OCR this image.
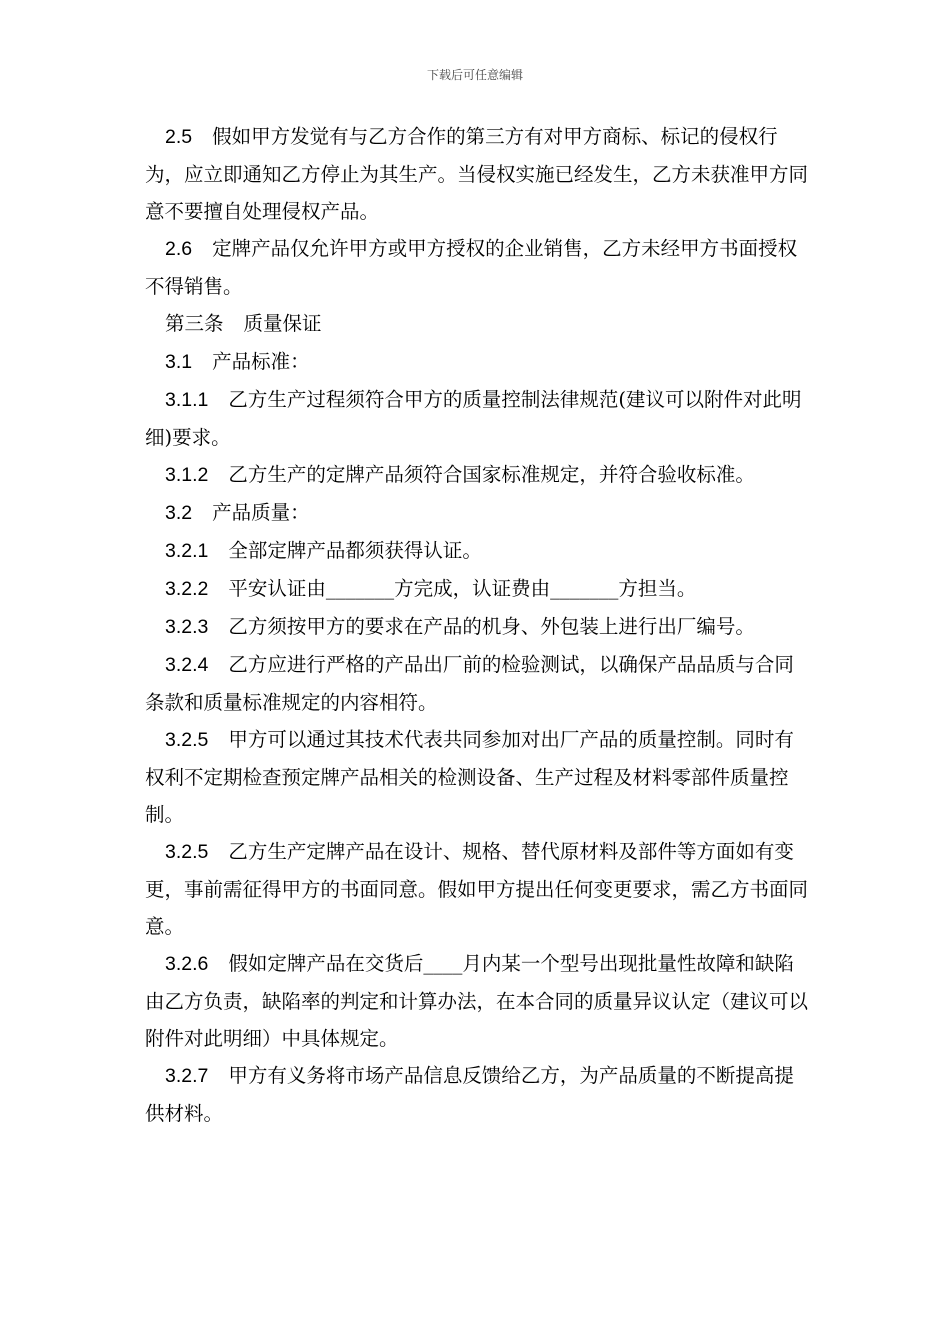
下载后可任意编辑

2.5 假如甲方发觉有与乙方合作的第三方有对甲方商标、标记的侵权行为，应立即通知乙方停止为其生产。当侵权实施已经发生，乙方未获准甲方同意不要擅自处理侵权产品。

2.6 定牌产品仅允许甲方或甲方授权的企业销售，乙方未经甲方书面授权不得销售。

第三条 质量保证

3.1 产品标准：

3.1.1 乙方生产过程须符合甲方的质量控制法律规范(建议可以附件对此明细)要求。

3.1.2 乙方生产的定牌产品须符合国家标准规定，并符合验收标准。

3.2 产品质量：

3.2.1 全部定牌产品都须获得认证。

3.2.2 平安认证由_______方完成，认证费由_______方担当。

3.2.3 乙方须按甲方的要求在产品的机身、外包装上进行出厂编号。

3.2.4 乙方应进行严格的产品出厂前的检验测试，以确保产品品质与合同条款和质量标准规定的内容相符。

3.2.5 甲方可以通过其技术代表共同参加对出厂产品的质量控制。同时有权利不定期检查预定牌产品相关的检测设备、生产过程及材料零部件质量控制。

3.2.5 乙方生产定牌产品在设计、规格、替代原材料及部件等方面如有变更，事前需征得甲方的书面同意。假如甲方提出任何变更要求，需乙方书面同意。

3.2.6 假如定牌产品在交货后____月内某一个型号出现批量性故障和缺陷由乙方负责，缺陷率的判定和计算办法，在本合同的质量异议认定（建议可以附件对此明细）中具体规定。

3.2.7 甲方有义务将市场产品信息反馈给乙方，为产品质量的不断提高提供材料。
